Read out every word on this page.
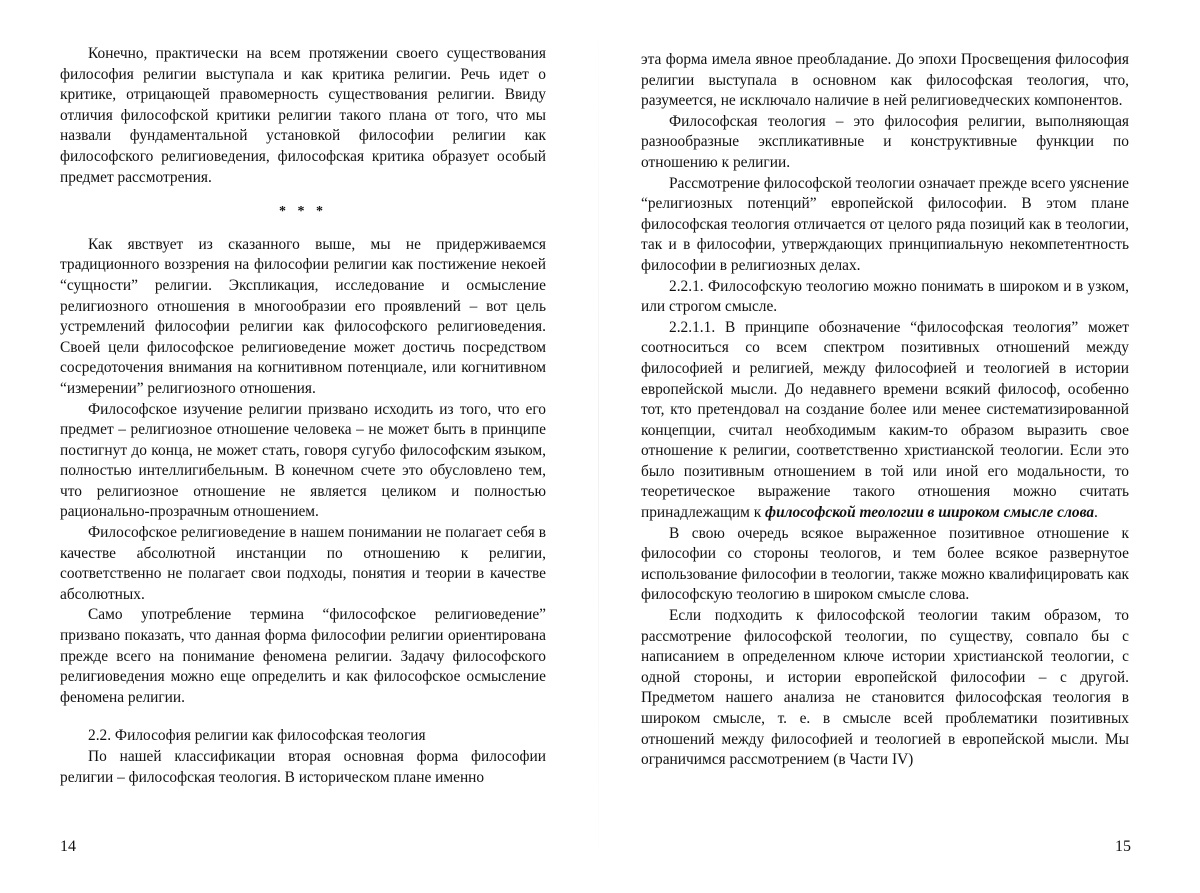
Конечно, практически на всем протяжении своего существования философия религии выступала и как критика религии. Речь идет о критике, отрицающей правомерность существования религии. Ввиду отличия философской критики религии такого плана от того, что мы назвали фундаментальной установкой философии религии как философского религиоведения, философская критика образует особый предмет рассмотрения.

* * *

Как явствует из сказанного выше, мы не придерживаемся традиционного воззрения на философии религии как постижение некоей “сущности” религии. Экспликация, исследование и осмысление религиозного отношения в многообразии его проявлений – вот цель устремлений философии религии как философского религиоведения. Своей цели философское религиоведение может достичь посредством сосредоточения внимания на когнитивном потенциале, или когнитивном “измерении” религиозного отношения.

Философское изучение религии призвано исходить из того, что его предмет – религиозное отношение человека – не может быть в принципе постигнут до конца, не может стать, говоря сугубо философским языком, полностью интеллигибельным. В конечном счете это обусловлено тем, что религиозное отношение не является целиком и полностью рационально-прозрачным отношением.

Философское религиоведение в нашем понимании не полагает себя в качестве абсолютной инстанции по отношению к религии, соответственно не полагает свои подходы, понятия и теории в качестве абсолютных.

Само употребление термина “философское религиоведение” призвано показать, что данная форма философии религии ориентирована прежде всего на понимание феномена религии. Задачу философского религиоведения можно еще определить и как философское осмысление феномена религии.

2.2. Философия религии как философская теология

По нашей классификации вторая основная форма философии религии – философская теология. В историческом плане именно

14

эта форма имела явное преобладание. До эпохи Просвещения философия религии выступала в основном как философская теология, что, разумеется, не исключало наличие в ней религиоведческих компонентов.

Философская теология – это философия религии, выполняющая разнообразные экспликативные и конструктивные функции по отношению к религии.

Рассмотрение философской теологии означает прежде всего уяснение “религиозных потенций” европейской философии. В этом плане философская теология отличается от целого ряда позиций как в теологии, так и в философии, утверждающих принципиальную некомпетентность философии в религиозных делах.

2.2.1. Философскую теологию можно понимать в широком и в узком, или строгом смысле.

2.2.1.1. В принципе обозначение “философская теология” может соотноситься со всем спектром позитивных отношений между философией и религией, между философией и теологией в истории европейской мысли. До недавнего времени всякий философ, особенно тот, кто претендовал на создание более или менее систематизированной концепции, считал необходимым каким-то образом выразить свое отношение к религии, соответственно христианской теологии. Если это было позитивным отношением в той или иной его модальности, то теоретическое выражение такого отношения можно считать принадлежащим к философской теологии в широком смысле слова.

В свою очередь всякое выраженное позитивное отношение к философии со стороны теологов, и тем более всякое развернутое использование философии в теологии, также можно квалифицировать как философскую теологию в широком смысле слова.

Если подходить к философской теологии таким образом, то рассмотрение философской теологии, по существу, совпало бы с написанием в определенном ключе истории христианской теологии, с одной стороны, и истории европейской философии – с другой. Предметом нашего анализа не становится философская теология в широком смысле, т. е. в смысле всей проблематики позитивных отношений между философией и теологией в европейской мысли. Мы ограничимся рассмотрением (в Части IV)

15
